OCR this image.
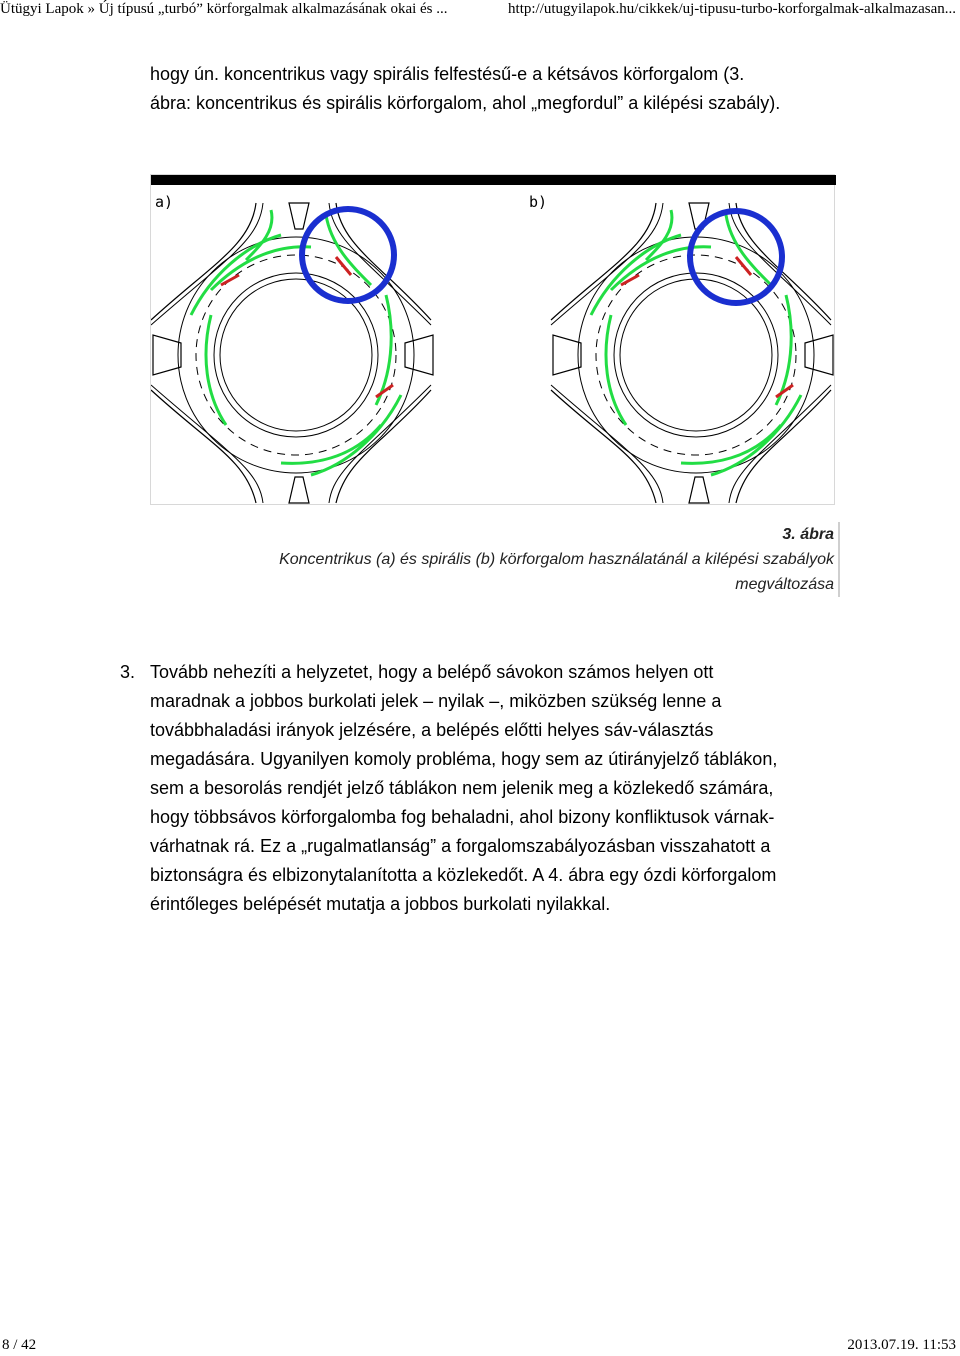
Ütügyi Lapok » Új típusú „turbó” körforgalmak alkalmazásának okai és ...	http://utugyilapok.hu/cikkek/uj-tipusu-turbo-korforgalmak-alkalmazasan...
hogy ún. koncentrikus vagy spirális felfestésű-e a kétsávos körforgalom (3.
ábra: koncentrikus és spirális körforgalom, ahol „megfordul” a kilépési szabály).
a)	b)
3. ábra
Koncentrikus (a) és spirális (b) körforgalom használatánál a kilépési szabályok
megváltozása
3. Tovább nehezíti a helyzetet, hogy a belépő sávokon számos helyen ott
maradnak a jobbos burkolati jelek – nyilak –, miközben szükség lenne a
továbbhaladási irányok jelzésére, a belépés előtti helyes sáv-választás
megadására. Ugyanilyen komoly probléma, hogy sem az útirányjelző táblákon,
sem a besorolás rendjét jelző táblákon nem jelenik meg a közlekedő számára,
hogy többsávos körforgalomba fog behaladni, ahol bizony konfliktusok várnak-
várhatnak rá. Ez a „rugalmatlanság” a forgalomszabályozásban visszahatott a
biztonságra és elbizonytalanította a közlekedőt. A 4. ábra egy ózdi körforgalom
érintőleges belépését mutatja a jobbos burkolati nyilakkal.
8 / 42	2013.07.19. 11:53
